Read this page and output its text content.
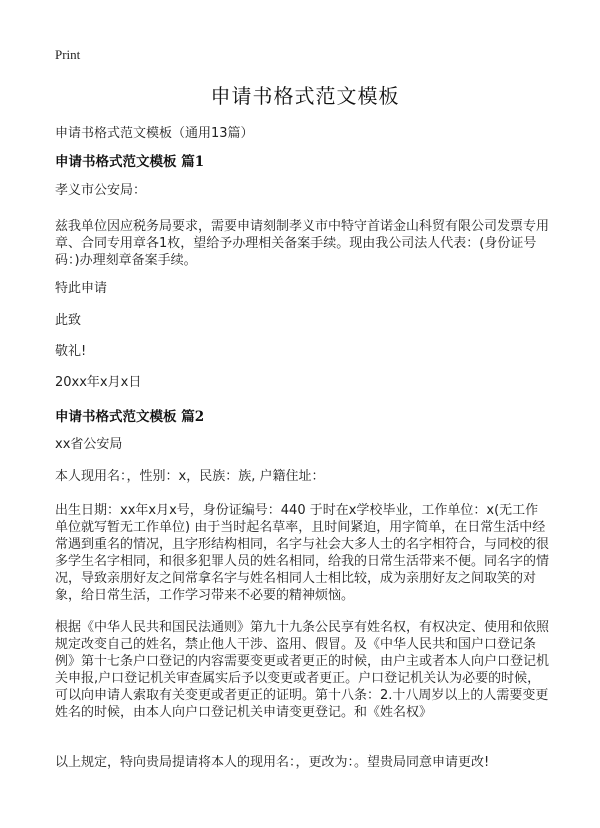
Print
申请书格式范文模板
申请书格式范文模板（通用13篇）
申请书格式范文模板 篇1

孝义市公安局：

兹我单位因应税务局要求，需要申请刻制孝义市中特守首诺金山科贸有限公司发票专用章、合同专用章各1枚，望给予办理相关备案手续。现由我公司法人代表：(身份证号码：)办理刻章备案手续。

特此申请

此致

敬礼!

20xx年x月x日

申请书格式范文模板 篇2

xx省公安局

本人现用名：，性别：x，民族：族, 户籍住址：

出生日期：xx年x月x号，身份证编号：440 于时在x学校毕业，工作单位：x(无工作单位就写暂无工作单位) 由于当时起名草率，且时间紧迫，用字简单，在日常生活中经常遇到重名的情况，且字形结构相同，名字与社会大多人士的名字相符合，与同校的很多学生名字相同，和很多犯罪人员的姓名相同，给我的日常生活带来不便。同名字的情况，导致亲朋好友之间常拿名字与姓名相同人士相比较，成为亲朋好友之间取笑的对象，给日常生活，工作学习带来不必要的精神烦恼。

根据《中华人民共和国民法通则》第九十九条公民享有姓名权，有权决定、使用和依照规定改变自己的姓名，禁止他人干涉、盗用、假冒。及《中华人民共和国户口登记条例》第十七条户口登记的内容需要变更或者更正的时候，由户主或者本人向户口登记机关申报,户口登记机关审查属实后予以变更或者更正。户口登记机关认为必要的时候，可以向申请人索取有关变更或者更正的证明。第十八条：2.十八周岁以上的人需要变更姓名的时候，由本人向户口登记机关申请变更登记。和《姓名权》

以上规定，特向贵局提请将本人的现用名：，更改为：。望贵局同意申请更改!
